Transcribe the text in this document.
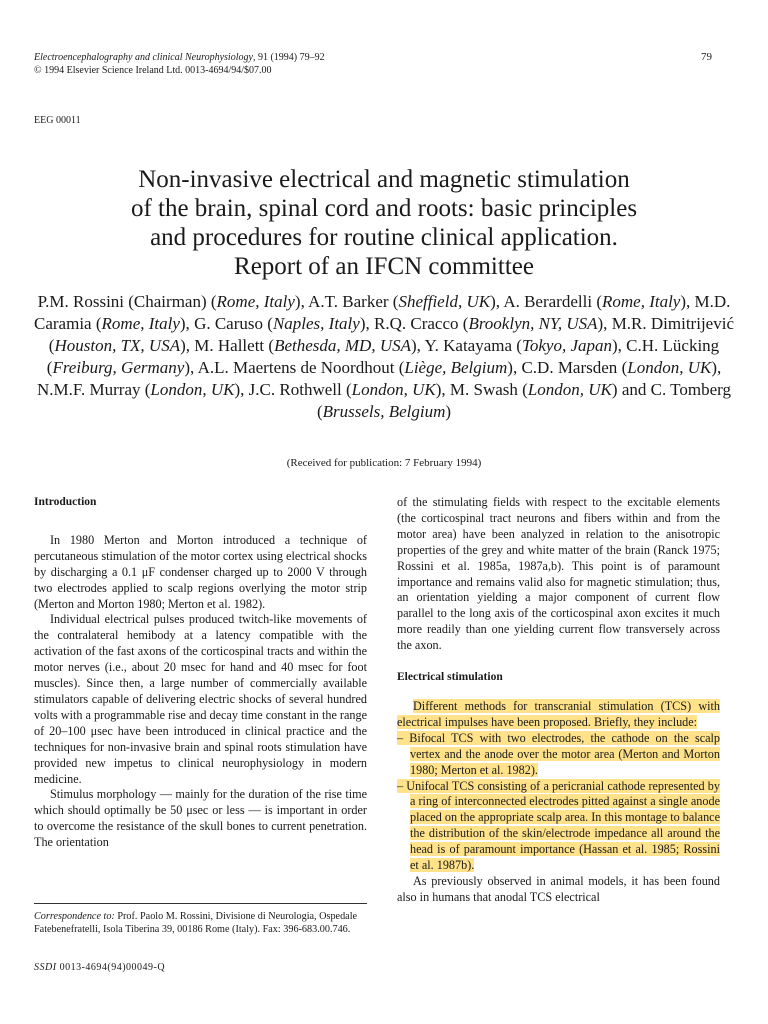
Electroencephalography and clinical Neurophysiology, 91 (1994) 79–92
© 1994 Elsevier Science Ireland Ltd. 0013-4694/94/$07.00
79
EEG 00011
Non-invasive electrical and magnetic stimulation
of the brain, spinal cord and roots: basic principles
and procedures for routine clinical application.
Report of an IFCN committee
P.M. Rossini (Chairman) (Rome, Italy), A.T. Barker (Sheffield, UK), A. Berardelli (Rome, Italy), M.D. Caramia (Rome, Italy), G. Caruso (Naples, Italy), R.Q. Cracco (Brooklyn, NY, USA), M.R. Dimitrijević (Houston, TX, USA), M. Hallett (Bethesda, MD, USA), Y. Katayama (Tokyo, Japan), C.H. Lücking (Freiburg, Germany), A.L. Maertens de Noordhout (Liège, Belgium), C.D. Marsden (London, UK), N.M.F. Murray (London, UK), J.C. Rothwell (London, UK), M. Swash (London, UK) and C. Tomberg (Brussels, Belgium)
(Received for publication: 7 February 1994)
Introduction

In 1980 Merton and Morton introduced a technique of percutaneous stimulation of the motor cortex using electrical shocks by discharging a 0.1 μF condenser charged up to 2000 V through two electrodes applied to scalp regions overlying the motor strip (Merton and Morton 1980; Merton et al. 1982).

Individual electrical pulses produced twitch-like movements of the contralateral hemibody at a latency compatible with the activation of the fast axons of the corticospinal tracts and within the motor nerves (i.e., about 20 msec for hand and 40 msec for foot muscles). Since then, a large number of commercially available stimulators capable of delivering electric shocks of several hundred volts with a programmable rise and decay time constant in the range of 20–100 μsec have been introduced in clinical practice and the techniques for non-invasive brain and spinal roots stimulation have provided new impetus to clinical neurophysiology in modern medicine.

Stimulus morphology — mainly for the duration of the rise time which should optimally be 50 μsec or less — is important in order to overcome the resistance of the skull bones to current penetration. The orientation

of the stimulating fields with respect to the excitable elements (the corticospinal tract neurons and fibers within and from the motor area) have been analyzed in relation to the anisotropic properties of the grey and white matter of the brain (Ranck 1975; Rossini et al. 1985a, 1987a,b). This point is of paramount importance and remains valid also for magnetic stimulation; thus, an orientation yielding a major component of current flow parallel to the long axis of the corticospinal axon excites it much more readily than one yielding current flow transversely across the axon.

Electrical stimulation

Different methods for transcranial stimulation (TCS) with electrical impulses have been proposed. Briefly, they include:

– Bifocal TCS with two electrodes, the cathode on the scalp vertex and the anode over the motor area (Merton and Morton 1980; Merton et al. 1982).

– Unifocal TCS consisting of a pericranial cathode represented by a ring of interconnected electrodes pitted against a single anode placed on the appropriate scalp area. In this montage to balance the distribution of the skin/electrode impedance all around the head is of paramount importance (Hassan et al. 1985; Rossini et al. 1987b).

As previously observed in animal models, it has been found also in humans that anodal TCS electrical

Correspondence to: Prof. Paolo M. Rossini, Divisione di Neurologia, Ospedale Fatebenefratelli, Isola Tiberina 39, 00186 Rome (Italy). Fax: 396-683.00.746.
SSDI 0013-4694(94)00049-Q
